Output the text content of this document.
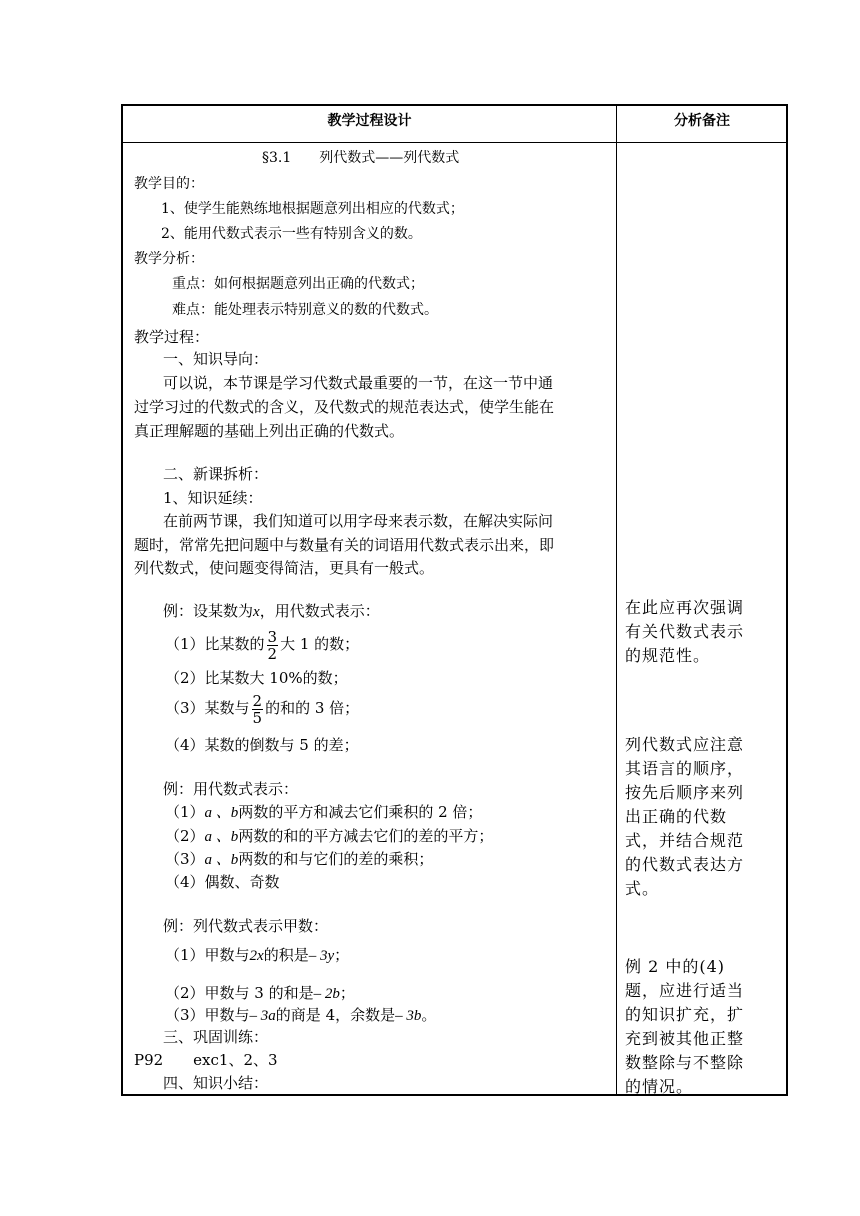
教学过程设计	分析备注
§3.1　　列代数式——列代数式
教学目的：
1、使学生能熟练地根据题意列出相应的代数式；
2、能用代数式表示一些有特别含义的数。
教学分析：
重点：如何根据题意列出正确的代数式；
难点：能处理表示特别意义的数的代数式。
教学过程：
一、知识导向：
可以说，本节课是学习代数式最重要的一节，在这一节中通
过学习过的代数式的含义，及代数式的规范表达式，使学生能在
真正理解题的基础上列出正确的代数式。
二、新课拆析：
1、知识延续：
在前两节课，我们知道可以用字母来表示数，在解决实际问
题时，常常先把问题中与数量有关的词语用代数式表示出来，即
列代数式，使问题变得简洁，更具有一般式。
例：设某数为x，用代数式表示：
（1）比某数的 $\frac{3}{2}$ 大 1 的数；
（2）比某数大 10%的数；
（3）某数与 $\frac{2}{5}$ 的和的 3 倍；
（4）某数的倒数与 5 的差；
例：用代数式表示：
（1）a 、b两数的平方和减去它们乘积的 2 倍；
（2）a 、b两数的和的平方减去它们的差的平方；
（3）a 、b两数的和与它们的差的乘积；
（4）偶数、奇数
例：列代数式表示甲数：
（1）甲数与2x的积是– 3y；
（2）甲数与 3 的和是– 2b；
（3）甲数与– 3a的商是 4，余数是– 3b。
三、巩固训练：
P92　　exc1、2、3
四、知识小结：
在此应再次强调有关代数式表示的规范性。
列代数式应注意其语言的顺序，按先后顺序来列出正确的代数式，并结合规范的代数式表达方式。
例 2 中的(4)题，应进行适当的知识扩充，扩充到被其他正整数整除与不整除的情况。
